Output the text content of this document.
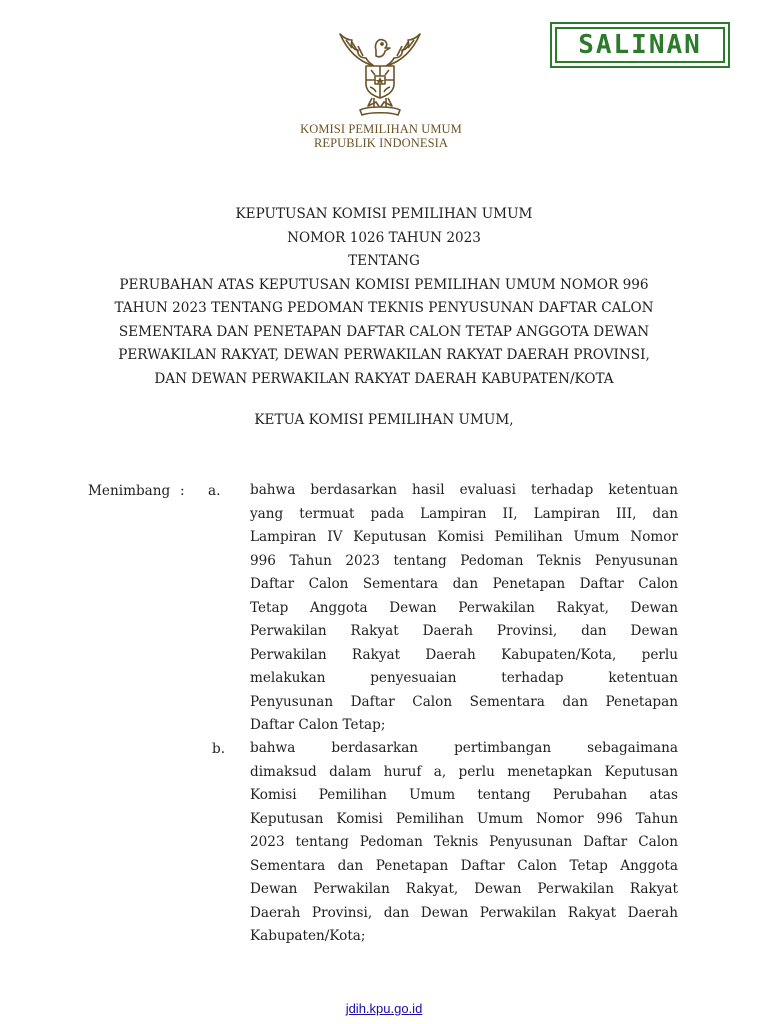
KOMISI PEMILIHAN UMUM
REPUBLIK INDONESIA
SALINAN
KEPUTUSAN KOMISI PEMILIHAN UMUM
NOMOR 1026 TAHUN 2023
TENTANG
PERUBAHAN ATAS KEPUTUSAN KOMISI PEMILIHAN UMUM NOMOR 996
TAHUN 2023 TENTANG PEDOMAN TEKNIS PENYUSUNAN DAFTAR CALON
SEMENTARA DAN PENETAPAN DAFTAR CALON TETAP ANGGOTA DEWAN
PERWAKILAN RAKYAT, DEWAN PERWAKILAN RAKYAT DAERAH PROVINSI,
DAN DEWAN PERWAKILAN RAKYAT DAERAH KABUPATEN/KOTA
KETUA KOMISI PEMILIHAN UMUM,
Menimbang : a. bahwa berdasarkan hasil evaluasi terhadap ketentuan
yang termuat pada Lampiran II, Lampiran III, dan
Lampiran IV Keputusan Komisi Pemilihan Umum Nomor
996 Tahun 2023 tentang Pedoman Teknis Penyusunan
Daftar Calon Sementara dan Penetapan Daftar Calon
Tetap Anggota Dewan Perwakilan Rakyat, Dewan
Perwakilan Rakyat Daerah Provinsi, dan Dewan
Perwakilan Rakyat Daerah Kabupaten/Kota, perlu
melakukan penyesuaian terhadap ketentuan
Penyusunan Daftar Calon Sementara dan Penetapan
Daftar Calon Tetap;
b. bahwa berdasarkan pertimbangan sebagaimana
dimaksud dalam huruf a, perlu menetapkan Keputusan
Komisi Pemilihan Umum tentang Perubahan atas
Keputusan Komisi Pemilihan Umum Nomor 996 Tahun
2023 tentang Pedoman Teknis Penyusunan Daftar Calon
Sementara dan Penetapan Daftar Calon Tetap Anggota
Dewan Perwakilan Rakyat, Dewan Perwakilan Rakyat
Daerah Provinsi, dan Dewan Perwakilan Rakyat Daerah
Kabupaten/Kota;
jdih.kpu.go.id
